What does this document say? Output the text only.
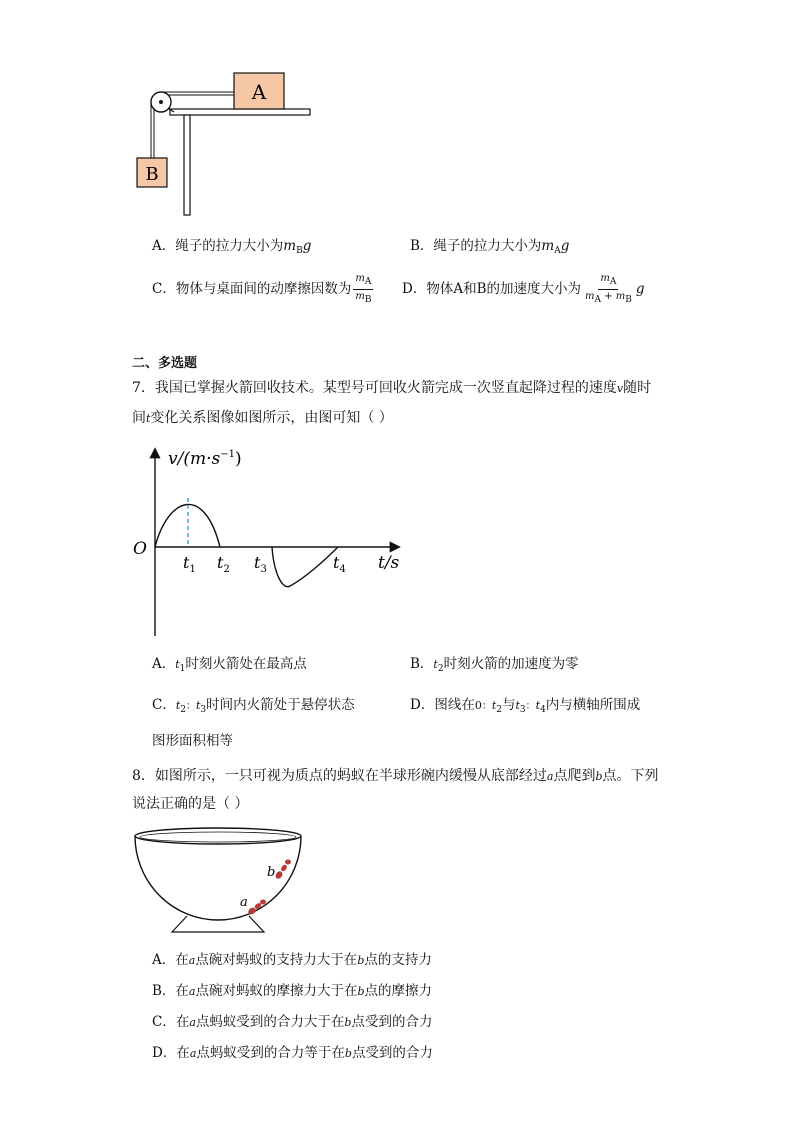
A
B
A．绳子的拉力大小为$m_Bg$	B．绳子的拉力大小为$m_Ag$
C．物体与桌面间的动摩擦因数为 $\frac{mA}{mB}$ D．物体A和B的加速度大小为 $\frac{mA}{mA + mB}$ g
二、多选题
7．我国已掌握火箭回收技术。某型号可回收火箭完成一次竖直起降过程的速度v随时
间t变化关系图像如图所示，由图可知（ ）
$v/(m\cdot s^{-1})$
O
t/s
$t_1$ $t_2$ $t_3$	$t_4$
A．$t_1$时刻火箭处在最高点	B．$t_2$时刻火箭的加速度为零
C．$t_2$：$t_3$时间内火箭处于悬停状态	D．图线在0：$t_2$与$t_3$：$t_4$内与横轴所围成
图形面积相等
8．如图所示，一只可视为质点的蚂蚁在半球形碗内缓慢从底部经过a点爬到b点。下列
说法正确的是（ ）
b
a
A．在a点碗对蚂蚁的支持力大于在b点的支持力
B．在a点碗对蚂蚁的摩擦力大于在b点的摩擦力
C．在a点蚂蚁受到的合力大于在b点受到的合力
D．在a点蚂蚁受到的合力等于在b点受到的合力
